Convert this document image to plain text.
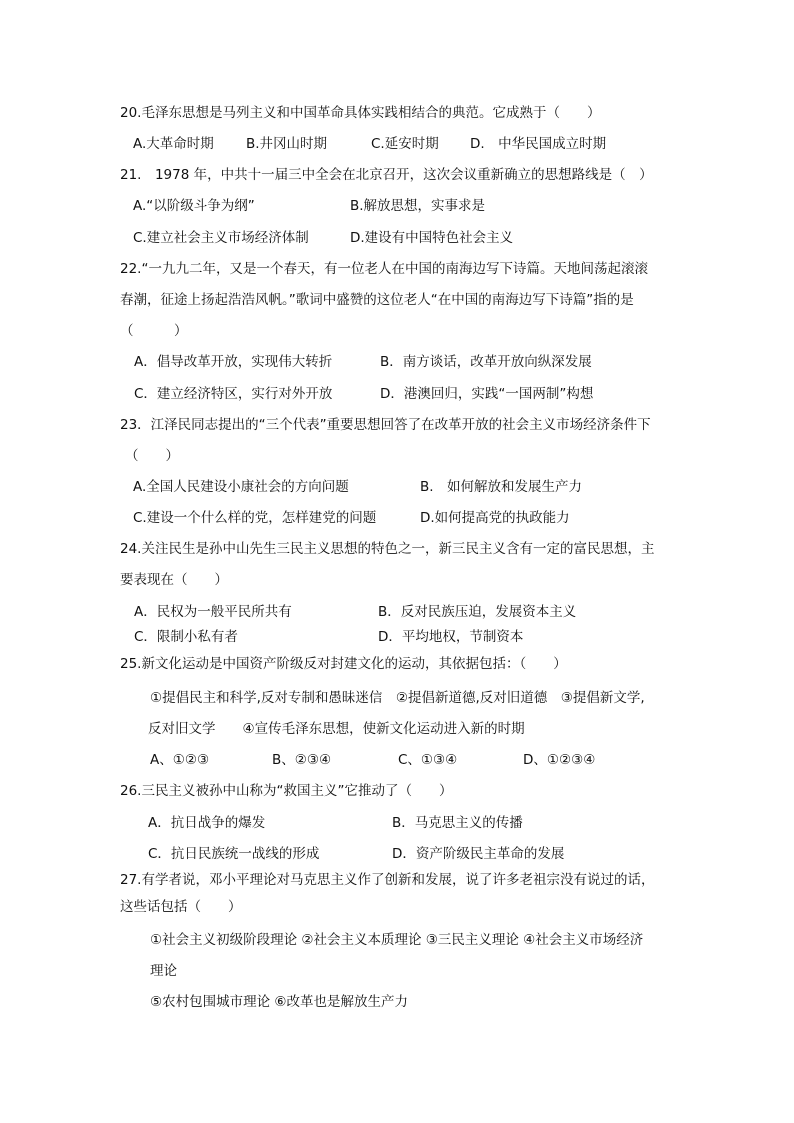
20.毛泽东思想是马列主义和中国革命具体实践相结合的典范。它成熟于（　　）
A.大革命时期 B.井冈山时期	C.延安时期 D.　中华民国成立时期
21.　1978 年，中共十一届三中全会在北京召开，这次会议重新确立的思想路线是（　）
A.“以阶级斗争为纲”	B.解放思想，实事求是
C.建立社会主义市场经济体制	D.建设有中国特色社会主义
22.“一九九二年，又是一个春天，有一位老人在中国的南海边写下诗篇。天地间荡起滚滚
春潮，征途上扬起浩浩风帆。”歌词中盛赞的这位老人“在中国的南海边写下诗篇”指的是
（　　　）
A．倡导改革开放，实现伟大转折	B．南方谈话，改革开放向纵深发展
C．建立经济特区，实行对外开放	D．港澳回归，实践“一国两制”构想
23．江泽民同志提出的“三个代表”重要思想回答了在改革开放的社会主义市场经济条件下
（　　）
A.全国人民建设小康社会的方向问题	B.　如何解放和发展生产力
C.建设一个什么样的党，怎样建党的问题	D.如何提高党的执政能力
24.关注民生是孙中山先生三民主义思想的特色之一，新三民主义含有一定的富民思想，主
要表现在（　　）
A．民权为一般平民所共有	B．反对民族压迫，发展资本主义
C．限制小私有者	D．平均地权，节制资本
25.新文化运动是中国资产阶级反对封建文化的运动，其依据包括：（　　）
①提倡民主和科学,反对专制和愚昧迷信　②提倡新道德,反对旧道德　③提倡新文学,
反对旧文学　　④宣传毛泽东思想，使新文化运动进入新的时期
A、①②③	B、②③④	C、①③④	D、①②③④
26.三民主义被孙中山称为“救国主义”它推动了（　　）
A．抗日战争的爆发	B．马克思主义的传播
C．抗日民族统一战线的形成	D．资产阶级民主革命的发展
27.有学者说，邓小平理论对马克思主义作了创新和发展，说了许多老祖宗没有说过的话，
这些话包括（　　）
①社会主义初级阶段理论 ②社会主义本质理论 ③三民主义理论 ④社会主义市场经济
理论
⑤农村包围城市理论 ⑥改革也是解放生产力
